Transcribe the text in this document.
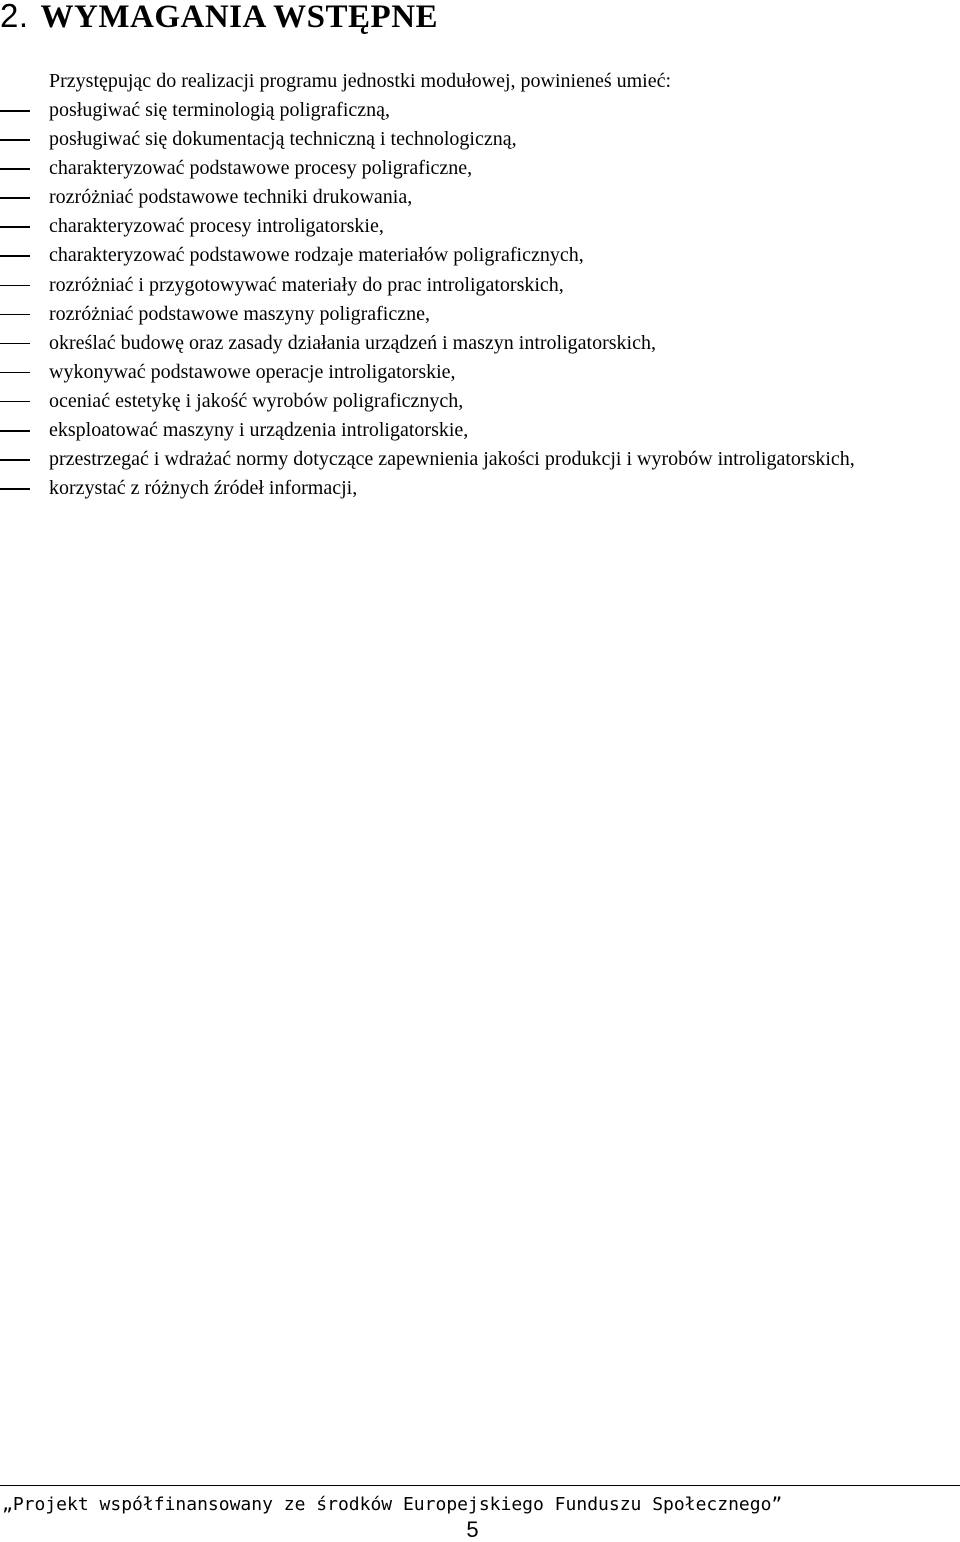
2. WYMAGANIA WSTĘPNE

Przystępując do realizacji programu jednostki modułowej, powinieneś umieć:

posługiwać się terminologią poligraficzną,
posługiwać się dokumentacją techniczną i technologiczną,
charakteryzować podstawowe procesy poligraficzne,
rozróżniać podstawowe techniki drukowania,
charakteryzować procesy introligatorskie,
charakteryzować podstawowe rodzaje materiałów poligraficznych,
rozróżniać i przygotowywać materiały do prac introligatorskich,
rozróżniać podstawowe maszyny poligraficzne,
określać budowę oraz zasady działania urządzeń i maszyn introligatorskich,
wykonywać podstawowe operacje introligatorskie,
oceniać estetykę i jakość wyrobów poligraficznych,
eksploatować maszyny i urządzenia introligatorskie,
przestrzegać i wdrażać normy dotyczące zapewnienia jakości produkcji i wyrobów introligatorskich,
korzystać z różnych źródeł informacji,
„Projekt współfinansowany ze środków Europejskiego Funduszu Społecznego”
5
